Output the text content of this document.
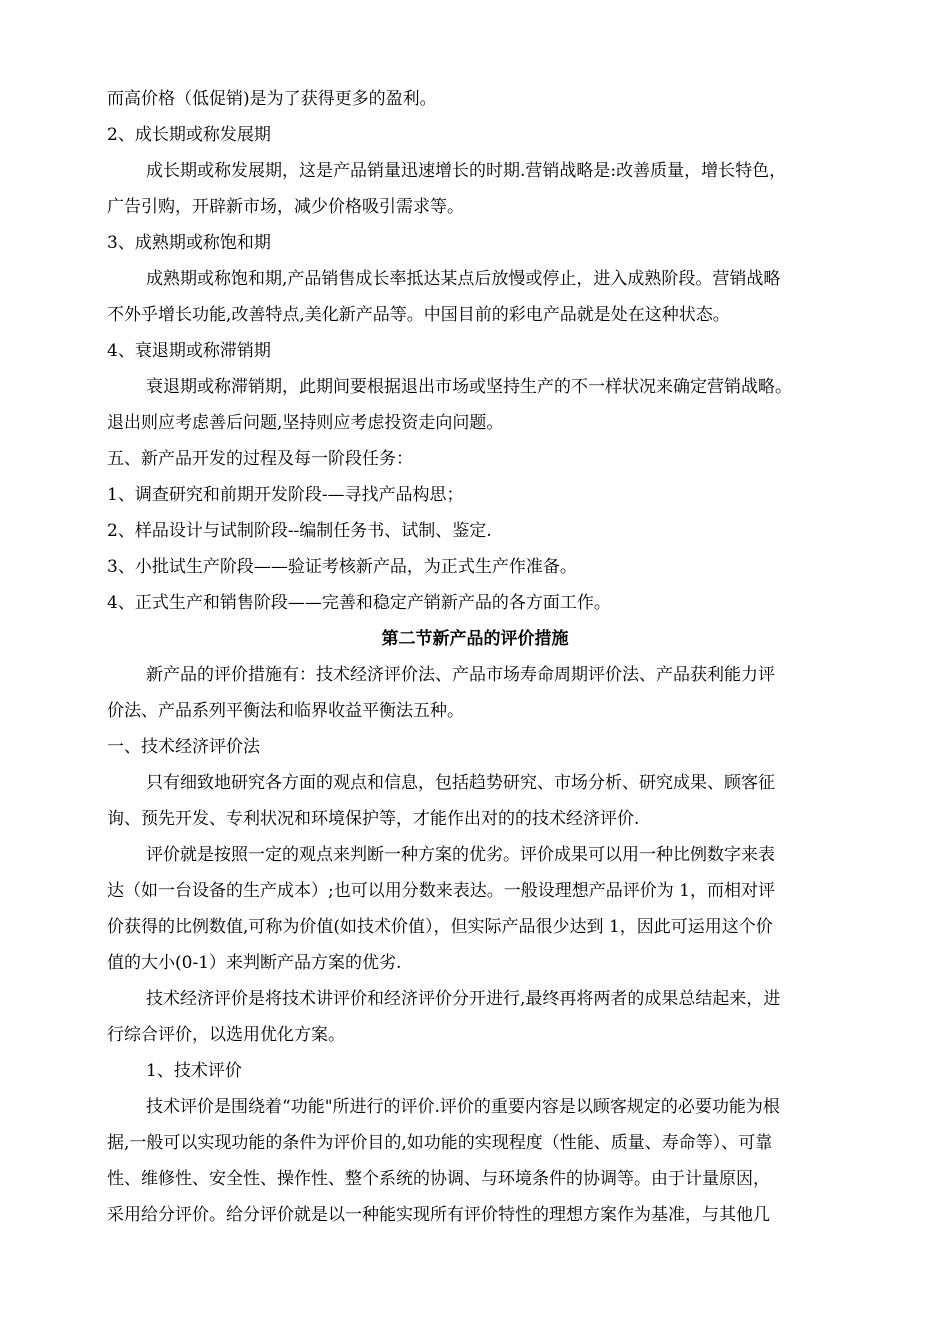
而高价格（低促销)是为了获得更多的盈利。
2、成长期或称发展期
成长期或称发展期，这是产品销量迅速增长的时期.营销战略是:改善质量，增长特色，
广告引购，开辟新市场，减少价格吸引需求等。
3、成熟期或称饱和期
成熟期或称饱和期,产品销售成长率抵达某点后放慢或停止，进入成熟阶段。营销战略
不外乎增长功能,改善特点,美化新产品等。中国目前的彩电产品就是处在这种状态。
4、衰退期或称滞销期
衰退期或称滞销期，此期间要根据退出市场或坚持生产的不一样状况来确定营销战略。
退出则应考虑善后问题,坚持则应考虑投资走向问题。
五、新产品开发的过程及每一阶段任务：
1、调查研究和前期开发阶段-—寻找产品构思；
2、样品设计与试制阶段--编制任务书、试制、鉴定.
3、小批试生产阶段——验证考核新产品，为正式生产作准备。
4、正式生产和销售阶段——完善和稳定产销新产品的各方面工作。
第二节新产品的评价措施
新产品的评价措施有：技术经济评价法、产品市场寿命周期评价法、产品获利能力评
价法、产品系列平衡法和临界收益平衡法五种。
一、技术经济评价法
只有细致地研究各方面的观点和信息，包括趋势研究、市场分析、研究成果、顾客征
询、预先开发、专利状况和环境保护等，才能作出对的的技术经济评价.
评价就是按照一定的观点来判断一种方案的优劣。评价成果可以用一种比例数字来表
达（如一台设备的生产成本）;也可以用分数来表达。一般设理想产品评价为 1，而相对评
价获得的比例数值,可称为价值(如技术价值），但实际产品很少达到 1，因此可运用这个价
值的大小(0-1）来判断产品方案的优劣.
技术经济评价是将技术讲评价和经济评价分开进行,最终再将两者的成果总结起来，进
行综合评价，以选用优化方案。
1、技术评价
技术评价是围绕着“功能"所进行的评价.评价的重要内容是以顾客规定的必要功能为根
据,一般可以实现功能的条件为评价目的,如功能的实现程度（性能、质量、寿命等）、可靠
性、维修性、安全性、操作性、整个系统的协调、与环境条件的协调等。由于计量原因，
采用给分评价。给分评价就是以一种能实现所有评价特性的理想方案作为基准，与其他几
